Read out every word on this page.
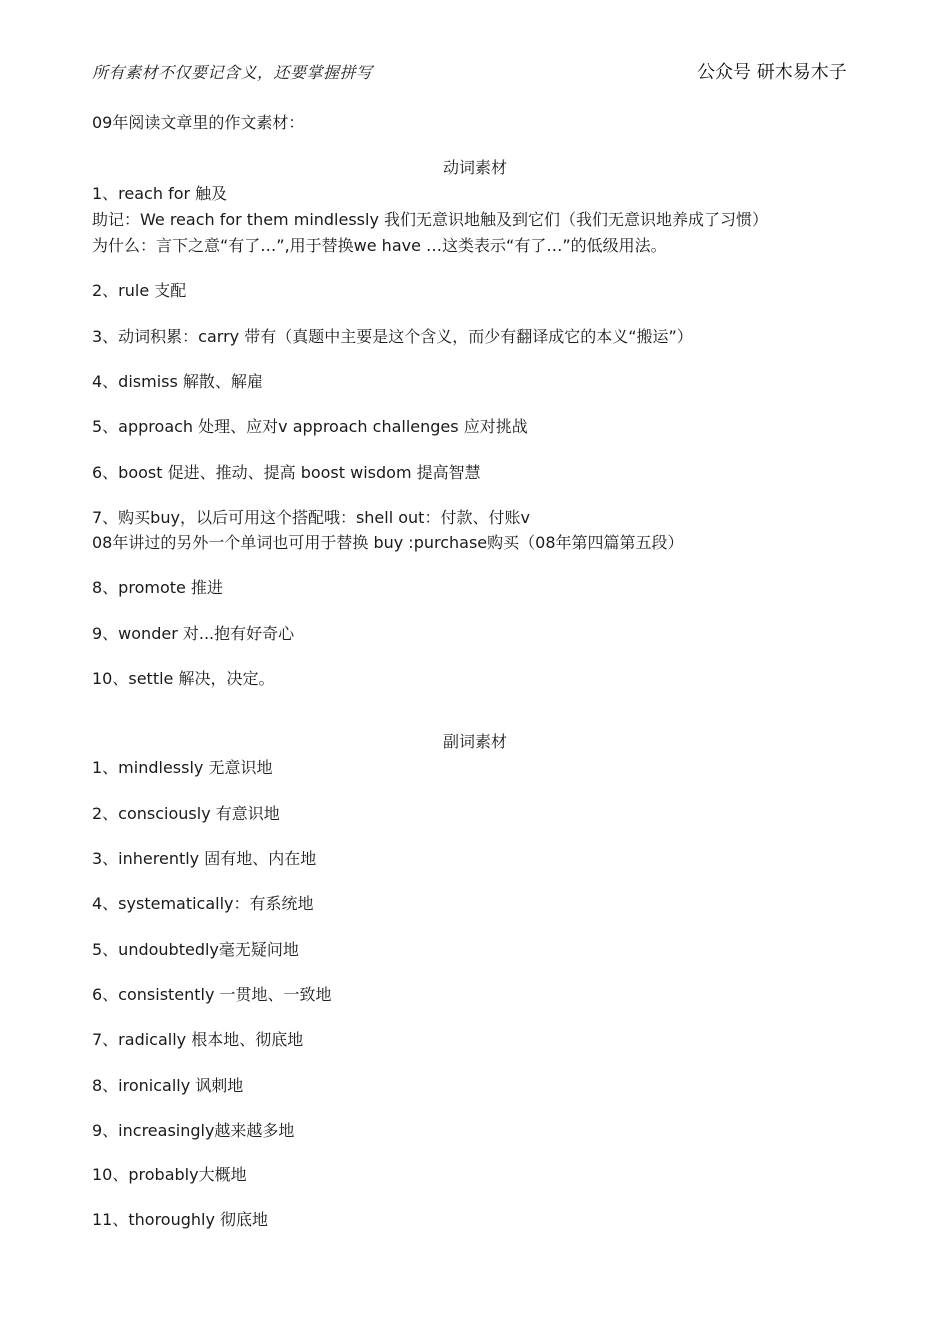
所有素材不仅要记含义，还要掌握拼写	公众号 研木易木子
09年阅读文章里的作文素材：
动词素材
1、reach for 触及
助记：We reach for them mindlessly 我们无意识地触及到它们（我们无意识地养成了习惯）
为什么：言下之意“有了…”,用于替换we have …这类表示“有了…”的低级用法。
2、rule 支配
3、动词积累：carry 带有（真题中主要是这个含义，而少有翻译成它的本义“搬运”）
4、dismiss 解散、解雇
5、approach 处理、应对v approach challenges 应对挑战
6、boost 促进、推动、提高 boost wisdom 提高智慧
7、购买buy，以后可用这个搭配哦：shell out：付款、付账v
08年讲过的另外一个单词也可用于替换 buy :purchase购买（08年第四篇第五段）
8、promote 推进
9、wonder 对...抱有好奇心
10、settle 解决，决定。
副词素材
1、mindlessly 无意识地
2、consciously 有意识地
3、inherently 固有地、内在地
4、systematically：有系统地
5、undoubtedly毫无疑问地
6、consistently 一贯地、一致地
7、radically 根本地、彻底地
8、ironically 讽刺地
9、increasingly越来越多地
10、probably大概地
11、thoroughly 彻底地
